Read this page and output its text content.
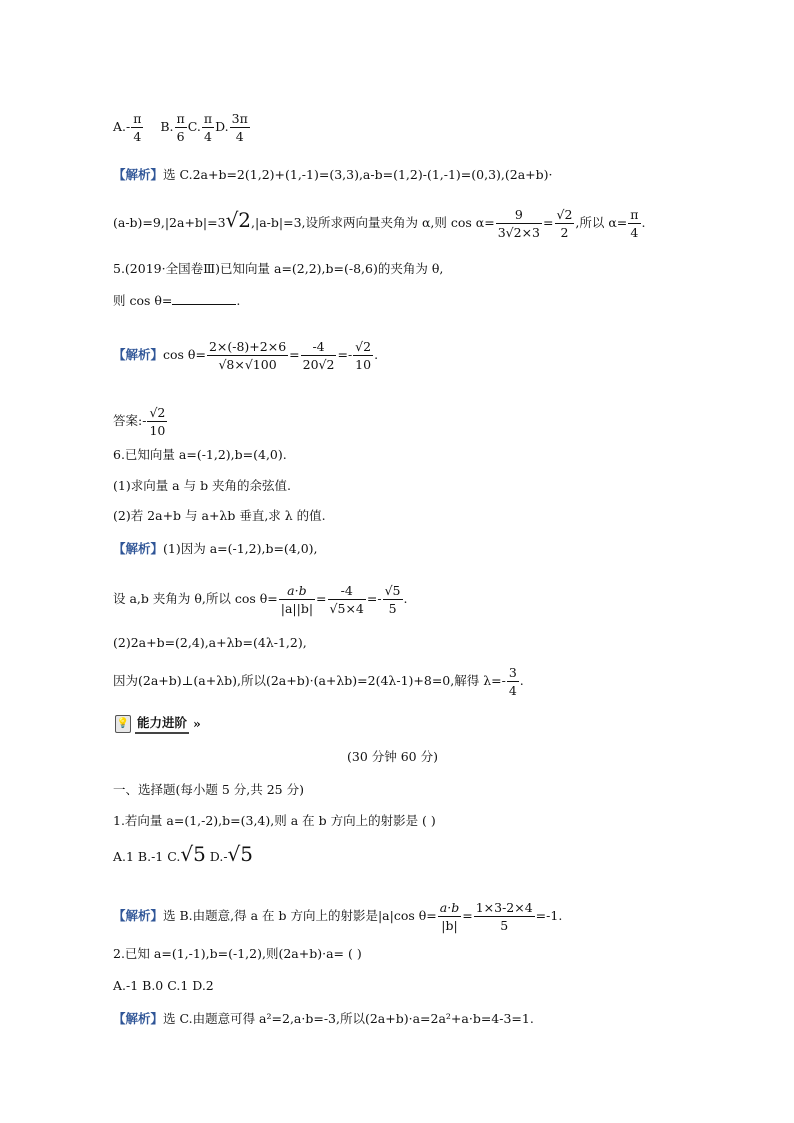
$A.- \frac{\pi}{4} B$. $\frac{\pi}{6} C$. $\frac{\pi}{4} D$. $\frac{3\pi}{4}$
【解析】选 C.2a+b=2(1,2)+(1,-1)=(3,3),a-b=(1,2)-(1,-1)=(0,3),(2a+b)·
(a-b)=9,|2a+b|=3√2,|a-b|=3,设所求两向量夹角为 α,则 $\cos \alpha= \frac{9}{3√2\times 3} = \frac{√2}{2}$ ,所以 $\alpha= \frac{\pi}{4}$ .
5.(2019·全国卷Ⅲ)已知向量 a=(2,2),b=(-8,6)的夹角为 θ,
则 cos θ=	.
【解析】$\cos \theta= \frac{2\times(-8)+2\times 6}{√8\times√100} = \frac{-4}{20√2} =- \frac{√2}{10}$ .
答案:- $\frac{√2}{10}$
6.已知向量 a=(-1,2),b=(4,0).
(1)求向量 a 与 b 夹角的余弦值.
(2)若 2a+b 与 a+λb 垂直,求 λ 的值.
【解析】(1)因为 a=(-1,2),b=(4,0),
设 a,b 夹角为 θ,所以 $\cos \theta= \frac{a\cdot b}{|a||b|} = \frac{-4}{√5\times 4} =- \frac{√5}{5}$ .
(2)2a+b=(2,4),a+λb=(4λ-1,2),
因为(2a+b)⊥(a+λb),所以(2a+b)·(a+λb)=2(4λ-1)+8=0,解得 $\lambda=- \frac{3}{4}$ .
💡 能力进阶 »
(30 分钟 60 分)
一、选择题(每小题 5 分,共 25 分)
1.若向量 a=(1,-2),b=(3,4),则 a 在 b 方向上的射影是 ( )
A.1 B.-1 C.√5 D.-√5
【解析】选 B.由题意,得 a 在 b 方向上的射影是|a|cos $\theta= \frac{a\cdot b}{|b|} = \frac{1\times 3-2\times 4}{5} =-1$.
2.已知 a=(1,-1),b=(-1,2),则(2a+b)·a= ( )
A.-1 B.0 C.1 D.2
【解析】选 C.由题意可得 a²=2,a·b=-3,所以(2a+b)·a=2a²+a·b=4-3=1.
